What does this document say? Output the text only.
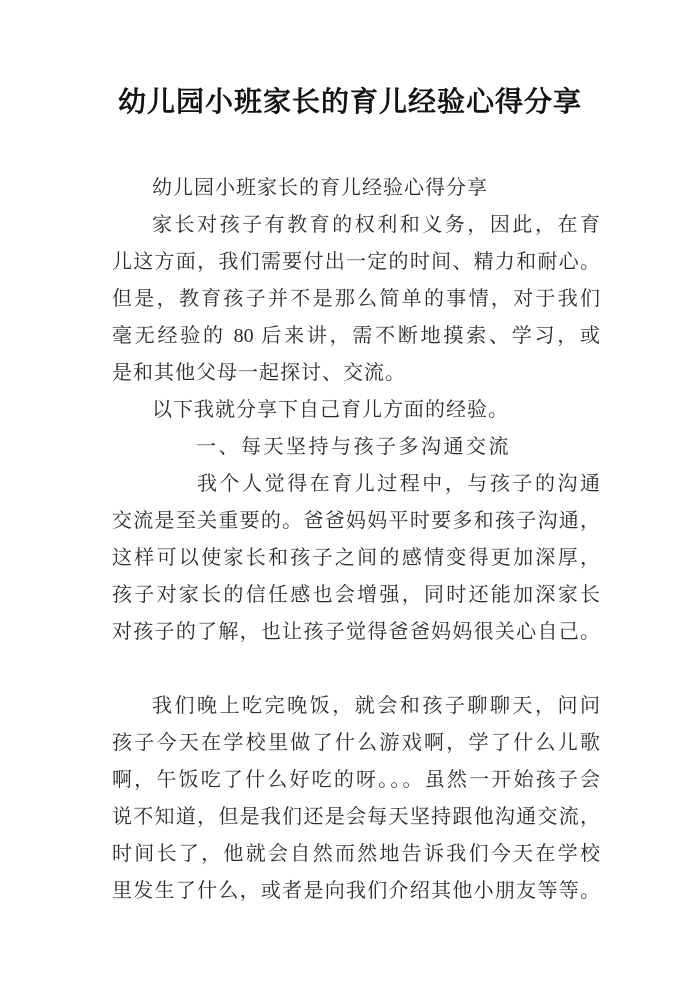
幼儿园小班家长的育儿经验心得分享
幼儿园小班家长的育儿经验心得分享
家长对孩子有教育的权利和义务，因此，在育
儿这方面，我们需要付出一定的时间、精力和耐心。
但是，教育孩子并不是那么简单的事情，对于我们
毫无经验的 80 后来讲，需不断地摸索、学习，或
是和其他父母一起探讨、交流。
以下我就分享下自己育儿方面的经验。
一、每天坚持与孩子多沟通交流
我个人觉得在育儿过程中，与孩子的沟通
交流是至关重要的。爸爸妈妈平时要多和孩子沟通，
这样可以使家长和孩子之间的感情变得更加深厚，
孩子对家长的信任感也会增强，同时还能加深家长
对孩子的了解，也让孩子觉得爸爸妈妈很关心自己。
我们晚上吃完晚饭，就会和孩子聊聊天，问问
孩子今天在学校里做了什么游戏啊，学了什么儿歌
啊，午饭吃了什么好吃的呀。。。虽然一开始孩子会
说不知道，但是我们还是会每天坚持跟他沟通交流，
时间长了，他就会自然而然地告诉我们今天在学校
里发生了什么，或者是向我们介绍其他小朋友等等。
